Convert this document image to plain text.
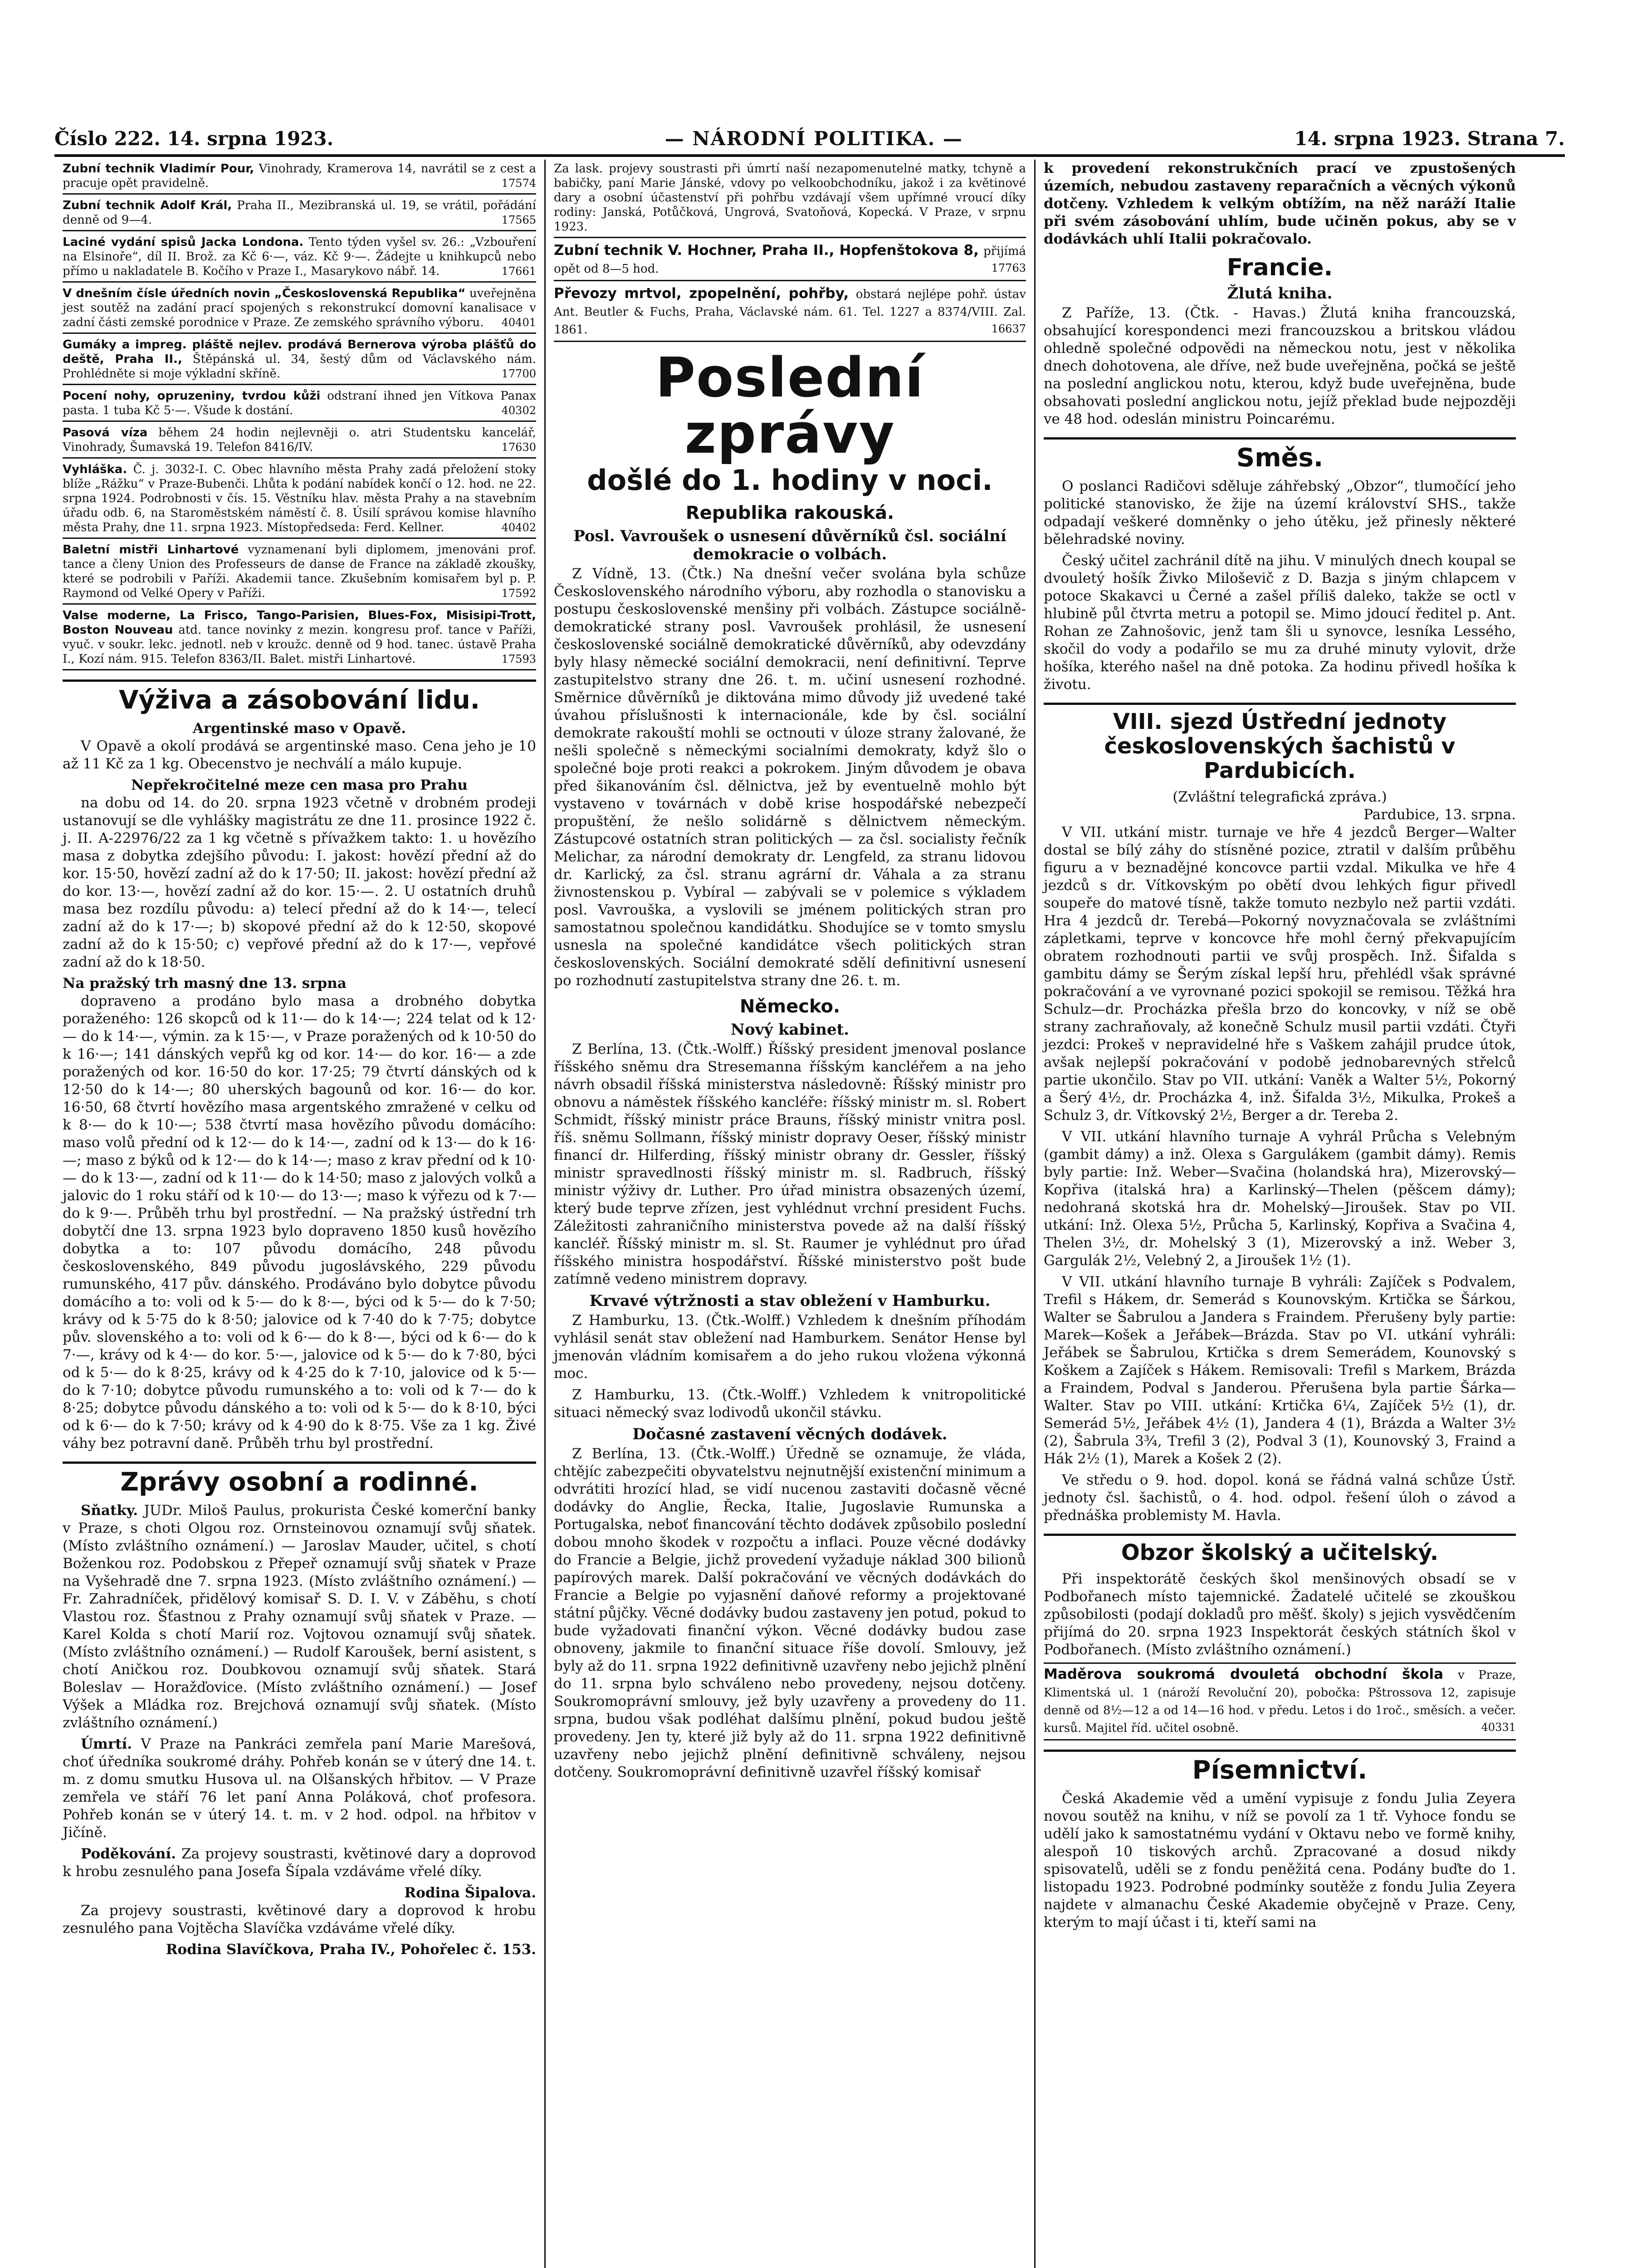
Číslo 222. 14. srpna 1923.	— NÁRODNÍ POLITIKA. —	14. srpna 1923. Strana 7.
Zubní technik Vladimír Pour, Vinohrady, Kramerova 14, navrátil se z cest a pracuje opět pravidelně.	17574
Zubní technik Adolf Král, Praha II., Mezibranská ul. 19, se vrátil, pořádání denně od 9—4.	17565
Laciné vydání spisů Jacka Londona. Tento týden vyšel sv. 26.: „Vzbouření na Elsinoře“, díl II. Brož. za Kč 6·—, váz. Kč 9·—. Žádejte u knihkupců nebo přímo u nakladatele B. Kočího v Praze I., Masarykovo nábř. 14.	17661
V dnešním čísle úředních novin „Československá Republika“ uveřejněna jest soutěž na zadání prací spojených s rekonstrukcí domovní kanalisace v zadní části zemské porodnice v Praze. Ze zemského správního výboru. 40401
Gumáky a impreg. pláště nejlev. prodává Bernerova výroba plášťů do deště, Praha II., Štěpánská ul. 34, šestý dům od Václavského nám. Prohlédněte si moje výkladní skříně.	17700
Pocení nohy, opruzeniny, tvrdou kůži odstraní ihned jen Vítkova Panax pasta. 1 tuba Kč 5·—. Všude k dostání.	40302
Pasová víza během 24 hodin nejlevněji o. atri Studentsku kancelář, Vinohrady, Šumavská 19. Telefon 8416/IV.	17630
Vyhláška. Č. j. 3032-I. C. Obec hlavního města Prahy zadá přeložení stoky blíže „Rážku“ v Praze-Bubenči. Lhůta k podání nabídek končí o 12. hod. ne 22. srpna 1924. Podrobnosti v čís. 15. Věstníku hlav. města Prahy a na stavebním úřadu odb. 6, na Staroměstském náměstí č. 8. Úsilí správou komise hlavního města Prahy, dne 11. srpna 1923. Místopředseda: Ferd. Kellner.	40402
Baletní mistři Linhartové vyznamenaní byli diplomem, jmenováni prof. tance a členy Union des Professeurs de danse de France na základě zkoušky, které se podrobili v Paříži. Akademii tance. Zkušebním komisařem byl p. P. Raymond od Velké Opery v Paříži.	17592
Valse moderne, La Frisco, Tango-Parisien, Blues-Fox, Misisipi-Trott, Boston Nouveau atd. tance novinky z mezin. kongresu prof. tance v Paříži, vyuč. v soukr. lekc. jednotl. neb v kroužc. denně od 9 hod. tanec. ústavě Praha I., Kozí nám. 915. Telefon 8363/II. Balet. mistři Linhartové.	17593
Výživa a zásobování lidu.
Argentinské maso v Opavě.

V Opavě a okolí prodává se argentinské maso. Cena jeho je 10 až 11 Kč za 1 kg. Obecenstvo je nechválí a málo kupuje.

Nepřekročitelné meze cen masa pro Prahu

na dobu od 14. do 20. srpna 1923 včetně v drobném prodeji ustanovují se dle vyhlášky magistrátu ze dne 11. prosince 1922 č. j. II. A-22976/22 za 1 kg včetně s přívažkem takto: 1. u hovězího masa z dobytka zdejšího původu: I. jakost: hovězí přední až do kor. 15·50, hovězí zadní až do k 17·50; II. jakost: hovězí přední až do kor. 13·—, hovězí zadní až do kor. 15·—. 2. U ostatních druhů masa bez rozdílu původu: a) telecí přední až do k 14·—, telecí zadní až do k 17·—; b) skopové přední až do k 12·50, skopové zadní až do k 15·50; c) vepřové přední až do k 17·—, vepřové zadní až do k 18·50.

Na pražský trh masný dne 13. srpna

dopraveno a prodáno bylo masa a drobného dobytka poraženého: 126 skopců od k 11·— do k 14·—; 224 telat od k 12·— do k 14·—, výmin. za k 15·—, v Praze poražených od k 10·50 do k 16·—; 141 dánských vepřů kg od kor. 14·— do kor. 16·— a zde poražených od kor. 16·50 do kor. 17·25; 79 čtvrtí dánských od k 12·50 do k 14·—; 80 uherských bagounů od kor. 16·— do kor. 16·50, 68 čtvrtí hovězího masa argentského zmražené v celku od k 8·— do k 10·—; 538 čtvrtí masa hovězího původu domácího: maso volů přední od k 12·— do k 14·—, zadní od k 13·— do k 16·—; maso z býků od k 12·— do k 14·—; maso z krav přední od k 10·— do k 13·—, zadní od k 11·— do k 14·50; maso z jalových volků a jalovic do 1 roku stáří od k 10·— do 13·—; maso k výřezu od k 7·— do k 9·—. Průběh trhu byl prostřední. — Na pražský ústřední trh dobytčí dne 13. srpna 1923 bylo dopraveno 1850 kusů hovězího dobytka a to: 107 původu domácího, 248 původu československého, 849 původu jugoslávského, 229 původu rumunského, 417 pův. dánského. Prodáváno bylo dobytce původu domácího a to: voli od k 5·— do k 8·—, býci od k 5·— do k 7·50; krávy od k 5·75 do k 8·50; jalovice od k 7·40 do k 7·75; dobytce pův. slovenského a to: voli od k 6·— do k 8·—, býci od k 6·— do k 7·—, krávy od k 4·— do kor. 5·—, jalovice od k 5·— do k 7·80, býci od k 5·— do k 8·25, krávy od k 4·25 do k 7·10, jalovice od k 5·— do k 7·10; dobytce původu rumunského a to: voli od k 7·— do k 8·25; dobytce původu dánského a to: voli od k 5·— do k 8·10, býci od k 6·— do k 7·50; krávy od k 4·90 do k 8·75. Vše za 1 kg. Živé váhy bez potravní daně. Průběh trhu byl prostřední.

Zprávy osobní a rodinné.

Sňatky. JUDr. Miloš Paulus, prokurista České komerční banky v Praze, s choti Olgou roz. Ornsteinovou oznamují svůj sňatek. (Místo zvláštního oznámení.) — Jaroslav Mauder, učitel, s chotí Boženkou roz. Podobskou z Přepeř oznamují svůj sňatek v Praze na Vyšehradě dne 7. srpna 1923. (Místo zvláštního oznámení.) — Fr. Zahradníček, přidělový komisař S. D. I. V. v Záběhu, s chotí Vlastou roz. Šťastnou z Prahy oznamují svůj sňatek v Praze. — Karel Kolda s chotí Marií roz. Vojtovou oznamují svůj sňatek. (Místo zvláštního oznámení.) — Rudolf Karoušek, berní asistent, s chotí Aničkou roz. Doubkovou oznamují svůj sňatek. Stará Boleslav — Horažďovice. (Místo zvláštního oznámení.) — Josef Výšek a Mládka roz. Brejchová oznamují svůj sňatek. (Místo zvláštního oznámení.)

Úmrtí. V Praze na Pankráci zemřela paní Marie Marešová, choť úředníka soukromé dráhy. Pohřeb konán se v úterý dne 14. t. m. z domu smutku Husova ul. na Olšanských hřbitov. — V Praze zemřela ve stáří 76 let paní Anna Poláková, choť profesora. Pohřeb konán se v úterý 14. t. m. v 2 hod. odpol. na hřbitov v Jičíně.

Poděkování. Za projevy soustrasti, květinové dary a doprovod k hrobu zesnulého pana Josefa Šípala vzdáváme vřelé díky.

Rodina Šipalova.

Za projevy soustrasti, květinové dary a doprovod k hrobu zesnulého pana Vojtěcha Slavíčka vzdáváme vřelé díky.

Rodina Slavíčkova, Praha IV., Pohořelec č. 153.
Za lask. projevy soustrasti při úmrtí naší nezapomenutelné matky, tchyně a babičky, paní Marie Jánské, vdovy po velkoobchodníku, jakož i za květinové dary a osobní účastenství při pohřbu vzdávají všem upřímné vroucí díky rodiny: Janská, Potůčková, Ungrová, Svatoňová, Kopecká. V Praze, v srpnu 1923.
Zubní technik V. Hochner, Praha II., Hopfenštokova 8, přijímá opět od 8—5 hod.	17763
Převozy mrtvol, zpopelnění, pohřby, obstará nejlépe pohř. ústav Ant. Beutler & Fuchs, Praha, Václavské nám. 61. Tel. 1227 a 8374/VIII. Zal. 1861.	16637
Poslední zprávy
došlé do 1. hodiny v noci.
Republika rakouská.
Posl. Vavroušek o usnesení důvěrníků čsl. sociální demokracie o volbách.

Z Vídně, 13. (Čtk.) Na dnešní večer svolána byla schůze Československého národního výboru, aby rozhodla o stanovisku a postupu československé menšiny při volbách. Zástupce sociálně-demokratické strany posl. Vavroušek prohlásil, že usnesení československé sociálně demokratické důvěrníků, aby odevzdány byly hlasy německé sociální demokracii, není definitivní. Teprve zastupitelstvo strany dne 26. t. m. učiní usnesení rozhodné. Směrnice důvěrníků je diktována mimo důvody již uvedené také úvahou příslušnosti k internacionále, kde by čsl. sociální demokrate rakouští mohli se octnouti v úloze strany žalované, že nešli společně s německými socialními demokraty, když šlo o společné boje proti reakci a pokrokem. Jiným důvodem je obava před šikanováním čsl. dělnictva, jež by eventuelně mohlo být vystaveno v továrnách v době krise hospodářské nebezpečí propuštění, že nešlo solidárně s dělnictvem německým. Zástupcové ostatních stran politických — za čsl. socialisty řečník Melichar, za národní demokraty dr. Lengfeld, za stranu lidovou dr. Karlický, za čsl. stranu agrární dr. Váhala a za stranu živnostenskou p. Vybíral — zabývali se v polemice s výkladem posl. Vavrouška, a vyslovili se jménem politických stran pro samostatnou společnou kandidátku. Shodujíce se v tomto smyslu usnesla na společné kandidátce všech politických stran československých. Sociální demokraté sdělí definitivní usnesení po rozhodnutí zastupitelstva strany dne 26. t. m.

Německo.
Nový kabinet.

Z Berlína, 13. (Čtk.-Wolff.) Říšský president jmenoval poslance říšského sněmu dra Stresemanna říšským kancléřem a na jeho návrh obsadil říšská ministerstva následovně: Říšský ministr pro obnovu a náměstek říšského kancléře: říšský ministr m. sl. Robert Schmidt, říšský ministr práce Brauns, říšský ministr vnitra posl. říš. sněmu Sollmann, říšský ministr dopravy Oeser, říšský ministr financí dr. Hilferding, říšský ministr obrany dr. Gessler, říšský ministr spravedlnosti říšský ministr m. sl. Radbruch, říšský ministr výživy dr. Luther. Pro úřad ministra obsazených území, který bude teprve zřízen, jest vyhlédnut vrchní president Fuchs. Záležitosti zahraničního ministerstva povede až na další říšský kancléř. Říšský ministr m. sl. St. Raumer je vyhlédnut pro úřad říšského ministra hospodářství. Říšské ministerstvo pošt bude zatímně vedeno ministrem dopravy.

Krvavé výtržnosti a stav obležení v Hamburku.

Z Hamburku, 13. (Čtk.-Wolff.) Vzhledem k dnešním příhodám vyhlásil senát stav obležení nad Hamburkem. Senátor Hense byl jmenován vládním komisařem a do jeho rukou vložena výkonná moc.

Z Hamburku, 13. (Čtk.-Wolff.) Vzhledem k vnitropolitické situaci německý svaz lodivodů ukončil stávku.

Dočasné zastavení věcných dodávek.

Z Berlína, 13. (Čtk.-Wolff.) Úředně se oznamuje, že vláda, chtějíc zabezpečiti obyvatelstvu nejnutnější existenční minimum a odvrátiti hrozící hlad, se vidí nucenou zastaviti dočasně věcné dodávky do Anglie, Řecka, Italie, Jugoslavie Rumunska a Portugalska, neboť financování těchto dodávek způsobilo poslední dobou mnoho škodek v rozpočtu a inflaci. Pouze věcné dodávky do Francie a Belgie, jichž provedení vyžaduje náklad 300 bilionů papírových marek. Další pokračování ve věcných dodávkách do Francie a Belgie po vyjasnění daňové reformy a projektované státní půjčky. Věcné dodávky budou zastaveny jen potud, pokud to bude vyžadovati finanční výkon. Věcné dodávky budou zase obnoveny, jakmile to finanční situace říše dovolí. Smlouvy, jež byly až do 11. srpna 1922 definitivně uzavřeny nebo jejichž plnění do 11. srpna bylo schváleno nebo provedeny, nejsou dotčeny. Soukromoprávní smlouvy, jež byly uzavřeny a provedeny do 11. srpna, budou však podléhat dalšímu plnění, pokud budou ještě provedeny. Jen ty, které již byly až do 11. srpna 1922 definitivně uzavřeny nebo jejichž plnění definitivně schváleny, nejsou dotčeny. Soukromoprávní definitivně uzavřel říšský komisař

k provedení rekonstrukčních prací ve zpustošených územích, nebudou zastaveny reparačních a věcných výkonů dotčeny. Vzhledem k velkým obtížím, na něž naráží Italie při svém zásobování uhlím, bude učiněn pokus, aby se v dodávkách uhlí Italii pokračovalo.

Francie.
Žlutá kniha.

Z Paříže, 13. (Čtk. - Havas.) Žlutá kniha francouzská, obsahující korespondenci mezi francouzskou a britskou vládou ohledně společné odpovědi na německou notu, jest v několika dnech dohotovena, ale dříve, než bude uveřejněna, počká se ještě na poslední anglickou notu, kterou, když bude uveřejněna, bude obsahovati poslední anglickou notu, jejíž překlad bude nejpozději ve 48 hod. odeslán ministru Poincarému.

Směs.

O poslanci Radičovi sděluje záhřebský „Obzor“, tlumočící jeho politické stanovisko, že žije na území království SHS., takže odpadají veškeré domněnky o jeho útěku, jež přinesly některé bělehradské noviny.

Český učitel zachránil dítě na jihu. V minulých dnech koupal se dvouletý hošík Živko Miloševič z D. Bazja s jiným chlapcem v potoce Skakavci u Černé a zašel příliš daleko, takže se octl v hlubině půl čtvrta metru a potopil se. Mimo jdoucí ředitel p. Ant. Rohan ze Zahnošovic, jenž tam šli u synovce, lesníka Lessého, skočil do vody a podařilo se mu za druhé minuty vylovit, drže hošíka, kterého našel na dně potoka. Za hodinu přivedl hošíka k životu.

VIII. sjezd Ústřední jednoty československých šachistů v Pardubicích.
(Zvláštní telegrafická zpráva.)
Pardubice, 13. srpna.

V VII. utkání mistr. turnaje ve hře 4 jezdců Berger—Walter dostal se bílý záhy do stísněné pozice, ztratil v dalším průběhu figuru a v beznadějné koncovce partii vzdal. Mikulka ve hře 4 jezdců s dr. Vítkovským po obětí dvou lehkých figur přivedl soupeře do matové tísně, takže tomuto nezbylo než partii vzdáti. Hra 4 jezdců dr. Terebá—Pokorný novyznačovala se zvláštními zápletkami, teprve v koncovce hře mohl černý překvapujícím obratem rozhodnouti partii ve svůj prospěch. Inž. Šifalda s gambitu dámy se Šerým získal lepší hru, přehlédl však správné pokračování a ve vyrovnané pozici spokojil se remisou. Těžká hra Schulz—dr. Procházka přešla brzo do koncovky, v níž se obě strany zachraňovaly, až konečně Schulz musil partii vzdáti. Čtyři jezdci: Prokeš v nepravidelné hře s Vaškem zahájil prudce útok, avšak nejlepší pokračování v podobě jednobarevných střelců partie ukončilo. Stav po VII. utkání: Vaněk a Walter 5½, Pokorný a Šerý 4½, dr. Procházka 4, inž. Šifalda 3½, Mikulka, Prokeš a Schulz 3, dr. Vítkovský 2½, Berger a dr. Tereba 2.

V VII. utkání hlavního turnaje A vyhrál Průcha s Velebným (gambit dámy) a inž. Olexa s Gargulákem (gambit dámy). Remis byly partie: Inž. Weber—Svačina (holandská hra), Mizerovský—Kopřiva (italská hra) a Karlinský—Thelen (pěšcem dámy); nedohraná skotská hra dr. Mohelský—Jiroušek. Stav po VII. utkání: Inž. Olexa 5½, Průcha 5, Karlinský, Kopřiva a Svačina 4, Thelen 3½, dr. Mohelský 3 (1), Mizerovský a inž. Weber 3, Gargulák 2½, Velebný 2, a Jiroušek 1½ (1).

V VII. utkání hlavního turnaje B vyhráli: Zajíček s Podvalem, Trefil s Hákem, dr. Semerád s Kounovským. Krtička se Šárkou, Walter se Šabrulou a Jandera s Fraindem. Přerušeny byly partie: Marek—Košek a Jeřábek—Brázda. Stav po VI. utkání vyhráli: Jeřábek se Šabrulou, Krtička s drem Semerádem, Kounovský s Koškem a Zajíček s Hákem. Remisovali: Trefil s Markem, Brázda a Fraindem, Podval s Janderou. Přerušena byla partie Šárka—Walter. Stav po VIII. utkání: Krtička 6¼, Zajíček 5½ (1), dr. Semerád 5½, Jeřábek 4½ (1), Jandera 4 (1), Brázda a Walter 3½ (2), Šabrula 3¾, Trefil 3 (2), Podval 3 (1), Kounovský 3, Fraind a Hák 2½ (1), Marek a Košek 2 (2).

Ve středu o 9. hod. dopol. koná se řádná valná schůze Ústř. jednoty čsl. šachistů, o 4. hod. odpol. řešení úloh o závod a přednáška problemisty M. Havla.

Obzor školský a učitelský.

Při inspektorátě českých škol menšinových obsadí se v Podbořanech místo tajemnické. Žadatelé učitelé se zkouškou způsobilosti (podají dokladů pro měšť. školy) s jejich vysvědčením přijímá do 20. srpna 1923 Inspektorát českých státních škol v Podbořanech. (Místo zvláštního oznámení.)

Maděrova soukromá dvouletá obchodní škola v Praze, Klimentská ul. 1 (nároží Revoluční 20), pobočka: Pštrossova 12, zapisuje denně od 8½—12 a od 14—16 hod. v předu. Letos i do 1roč., směsích. a večer. kursů. Majitel říd. učitel osobně.	40331
Písemnictví.

Česká Akademie věd a umění vypisuje z fondu Julia Zeyera novou soutěž na knihu, v níž se povolí za 1 tř. Vyhoce fondu se udělí jako k samostatnému vydání v Oktavu nebo ve formě knihy, alespoň 10 tiskových archů. Zpracované a dosud nikdy spisovatelů, uděli se z fondu peněžitá cena. Podány buďte do 1. listopadu 1923. Podrobné podmínky soutěže z fondu Julia Zeyera najdete v almanachu České Akademie obyčejně v Praze. Ceny, kterým to mají účast i ti, kteří sami na
